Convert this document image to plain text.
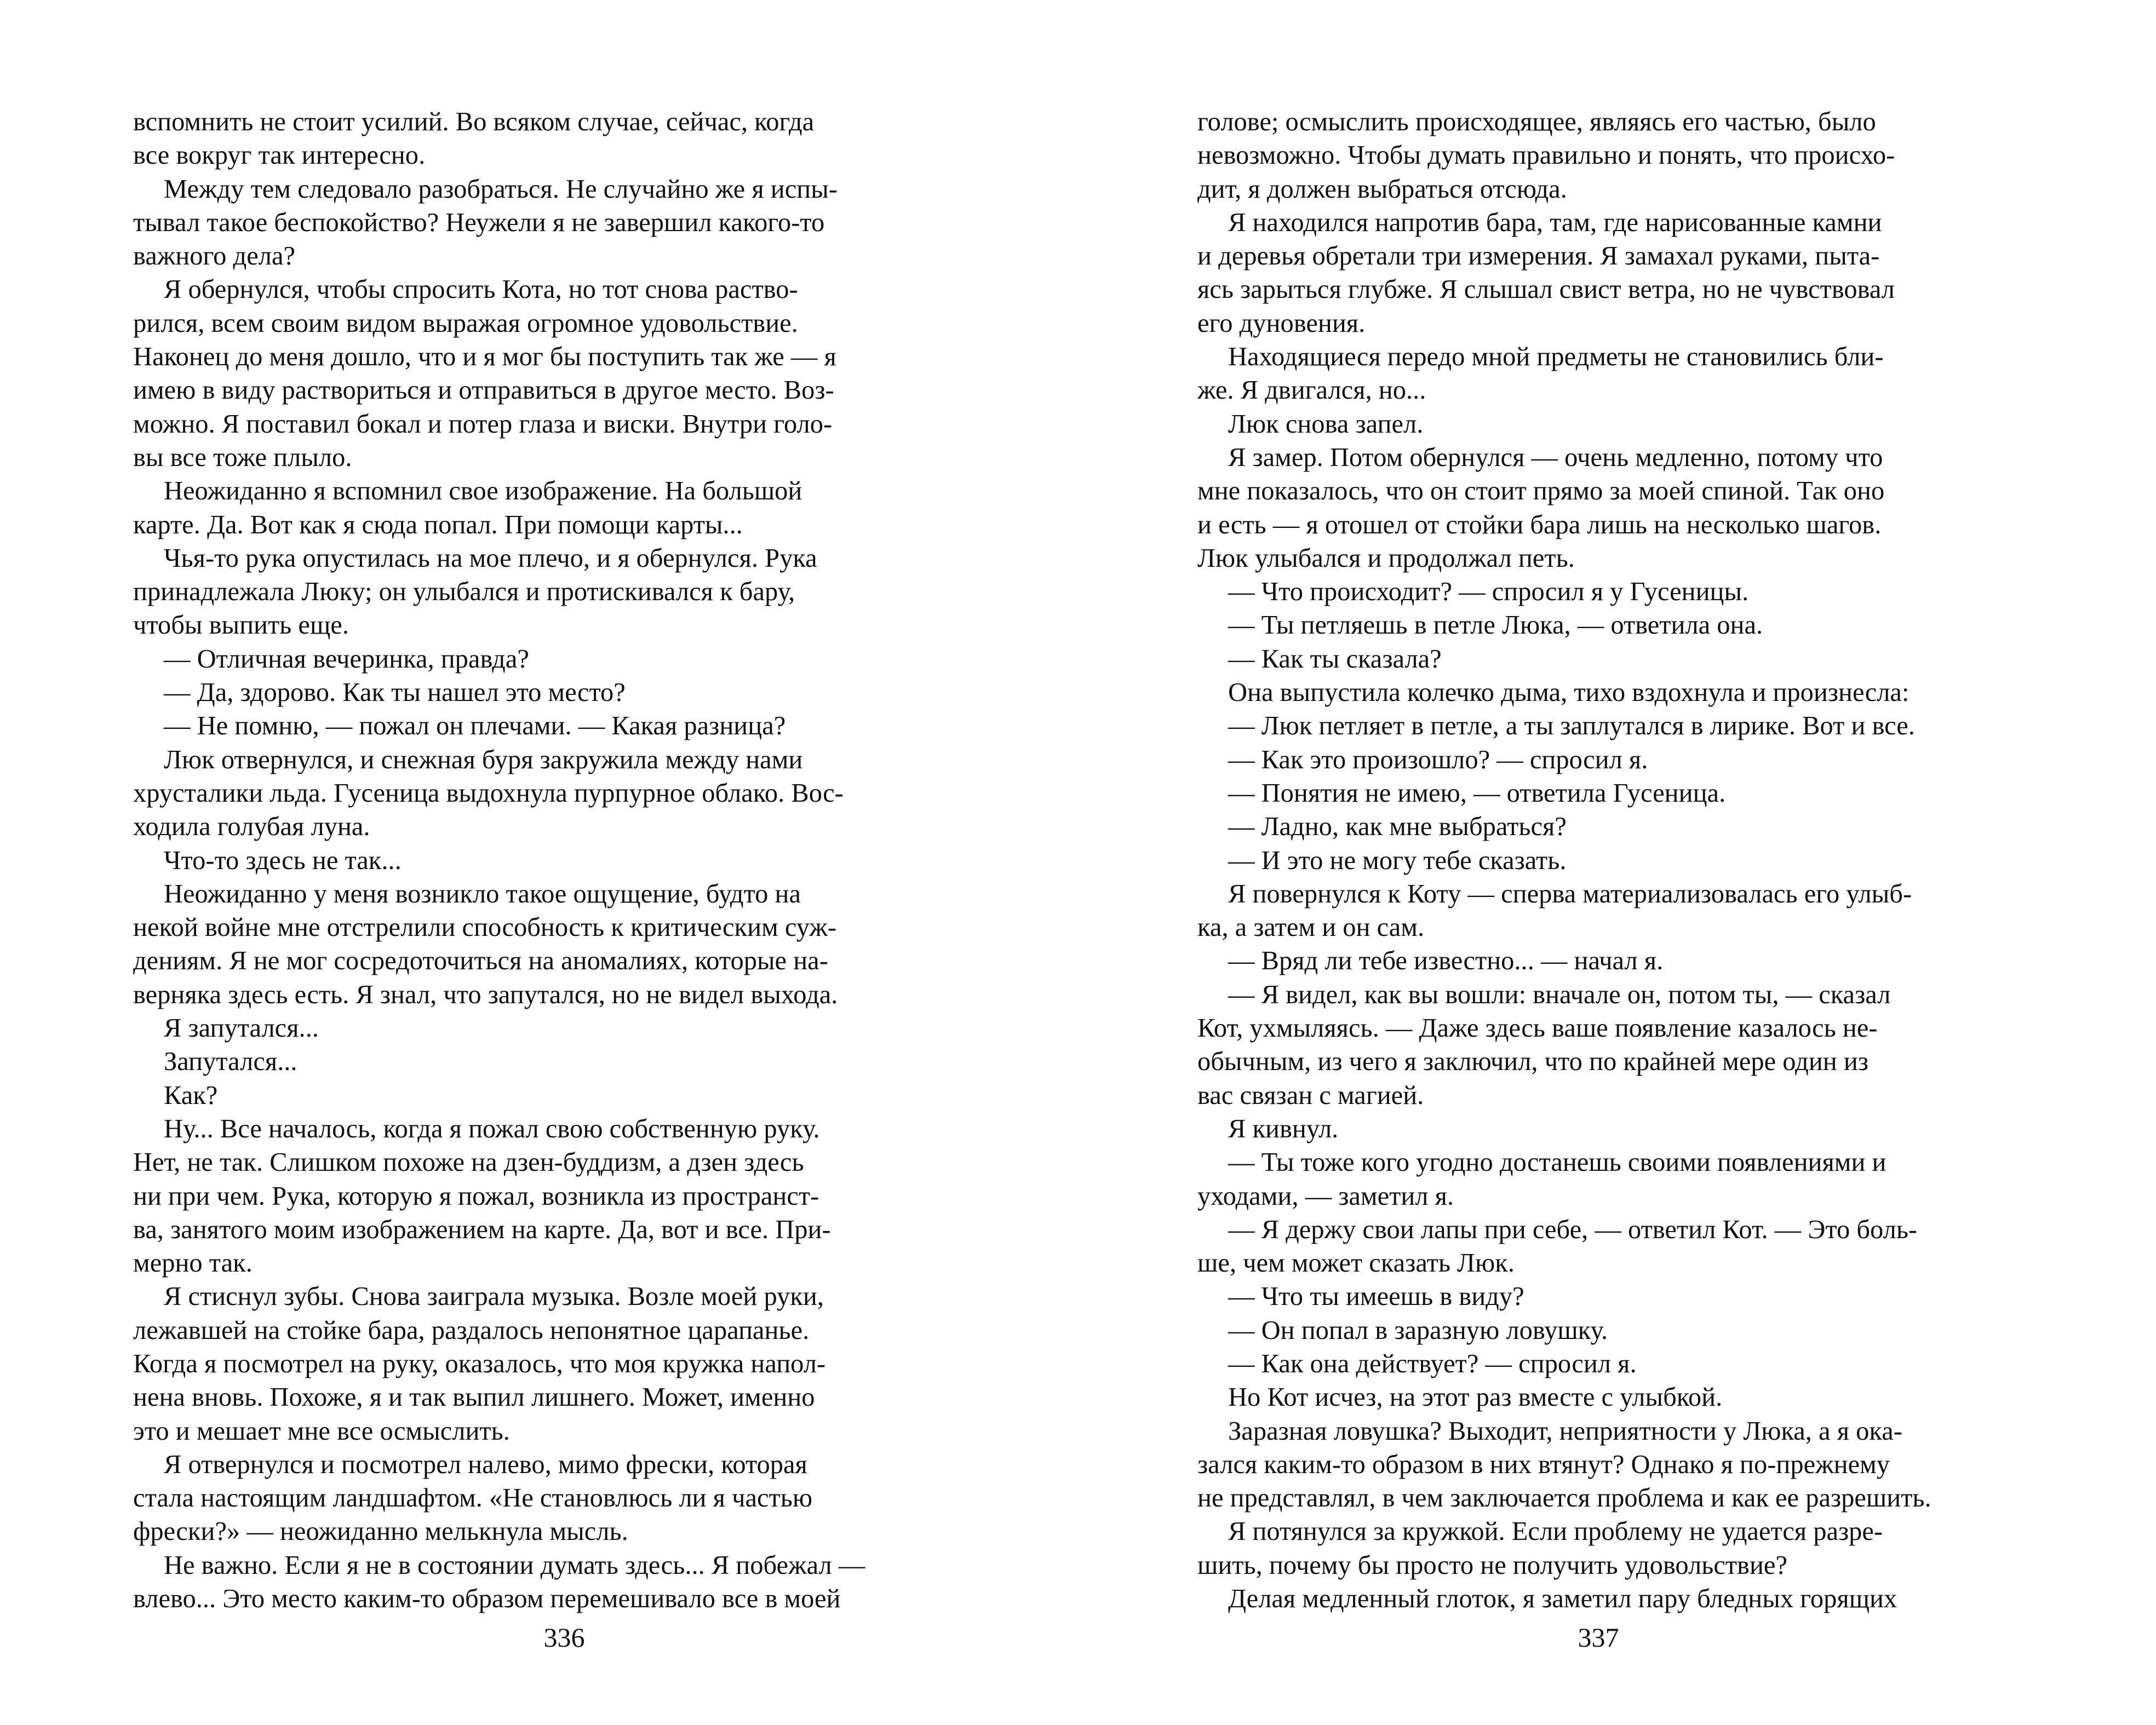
вспомнить не стоит усилий. Во всяком случае, сейчас, когда
все вокруг так интересно.
Между тем следовало разобраться. Не случайно же я испы-
тывал такое беспокойство? Неужели я не завершил какого-то
важного дела?
Я обернулся, чтобы спросить Кота, но тот снова раство-
рился, всем своим видом выражая огромное удовольствие.
Наконец до меня дошло, что и я мог бы поступить так же — я
имею в виду раствориться и отправиться в другое место. Воз-
можно. Я поставил бокал и потер глаза и виски. Внутри голо-
вы все тоже плыло.
Неожиданно я вспомнил свое изображение. На большой
карте. Да. Вот как я сюда попал. При помощи карты...
Чья-то рука опустилась на мое плечо, и я обернулся. Рука
принадлежала Люку; он улыбался и протискивался к бару,
чтобы выпить еще.
— Отличная вечеринка, правда?
— Да, здорово. Как ты нашел это место?
— Не помню, — пожал он плечами. — Какая разница?
Люк отвернулся, и снежная буря закружила между нами
хрусталики льда. Гусеница выдохнула пурпурное облако. Вос-
ходила голубая луна.
Что-то здесь не так...
Неожиданно у меня возникло такое ощущение, будто на
некой войне мне отстрелили способность к критическим суж-
дениям. Я не мог сосредоточиться на аномалиях, которые на-
верняка здесь есть. Я знал, что запутался, но не видел выхода.
Я запутался...
Запутался...
Как?
Ну... Все началось, когда я пожал свою собственную руку.
Нет, не так. Слишком похоже на дзен-буддизм, а дзен здесь
ни при чем. Рука, которую я пожал, возникла из пространст-
ва, занятого моим изображением на карте. Да, вот и все. При-
мерно так.
Я стиснул зубы. Снова заиграла музыка. Возле моей руки,
лежавшей на стойке бара, раздалось непонятное царапанье.
Когда я посмотрел на руку, оказалось, что моя кружка напол-
нена вновь. Похоже, я и так выпил лишнего. Может, именно
это и мешает мне все осмыслить.
Я отвернулся и посмотрел налево, мимо фрески, которая
стала настоящим ландшафтом. «Не становлюсь ли я частью
фрески?» — неожиданно мелькнула мысль.
Не важно. Если я не в состоянии думать здесь... Я побежал —
влево... Это место каким-то образом перемешивало все в моей
336
голове; осмыслить происходящее, являясь его частью, было
невозможно. Чтобы думать правильно и понять, что происхо-
дит, я должен выбраться отсюда.
Я находился напротив бара, там, где нарисованные камни
и деревья обретали три измерения. Я замахал руками, пыта-
ясь зарыться глубже. Я слышал свист ветра, но не чувствовал
его дуновения.
Находящиеся передо мной предметы не становились бли-
же. Я двигался, но...
Люк снова запел.
Я замер. Потом обернулся — очень медленно, потому что
мне показалось, что он стоит прямо за моей спиной. Так оно
и есть — я отошел от стойки бара лишь на несколько шагов.
Люк улыбался и продолжал петь.
— Что происходит? — спросил я у Гусеницы.
— Ты петляешь в петле Люка, — ответила она.
— Как ты сказала?
Она выпустила колечко дыма, тихо вздохнула и произнесла:
— Люк петляет в петле, а ты заплутался в лирике. Вот и все.
— Как это произошло? — спросил я.
— Понятия не имею, — ответила Гусеница.
— Ладно, как мне выбраться?
— И это не могу тебе сказать.
Я повернулся к Коту — сперва материализовалась его улыб-
ка, а затем и он сам.
— Вряд ли тебе известно... — начал я.
— Я видел, как вы вошли: вначале он, потом ты, — сказал
Кот, ухмыляясь. — Даже здесь ваше появление казалось не-
обычным, из чего я заключил, что по крайней мере один из
вас связан с магией.
Я кивнул.
— Ты тоже кого угодно достанешь своими появлениями и
уходами, — заметил я.
— Я держу свои лапы при себе, — ответил Кот. — Это боль-
ше, чем может сказать Люк.
— Что ты имеешь в виду?
— Он попал в заразную ловушку.
— Как она действует? — спросил я.
Но Кот исчез, на этот раз вместе с улыбкой.
Заразная ловушка? Выходит, неприятности у Люка, а я ока-
зался каким-то образом в них втянут? Однако я по-прежнему
не представлял, в чем заключается проблема и как ее разрешить.
Я потянулся за кружкой. Если проблему не удается разре-
шить, почему бы просто не получить удовольствие?
Делая медленный глоток, я заметил пару бледных горящих
337
